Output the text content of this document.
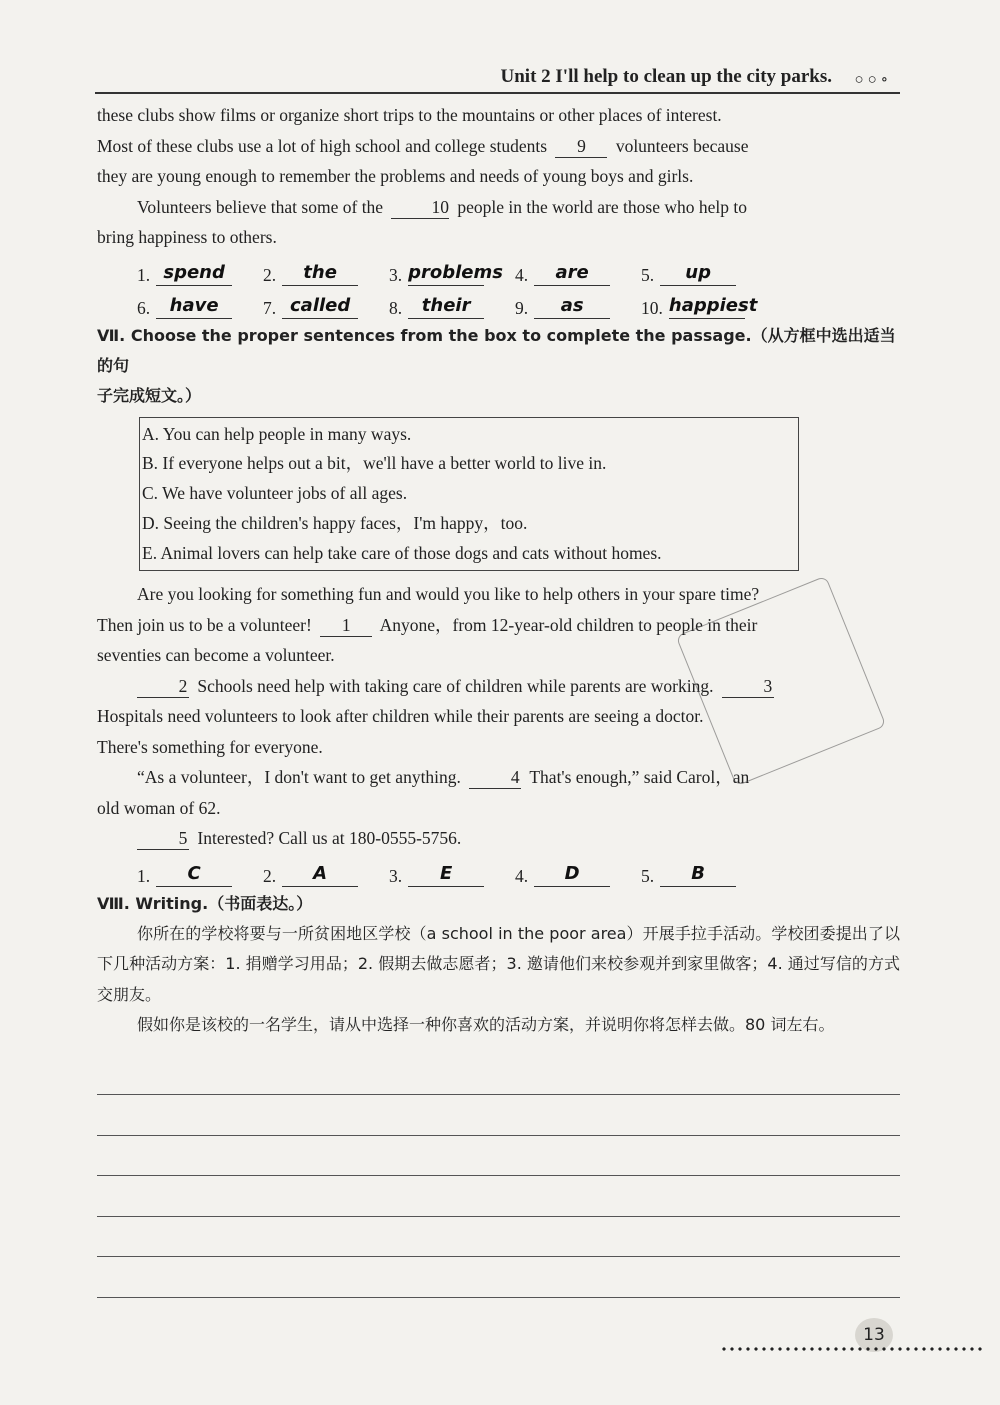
Unit 2 I'll help to clean up the city parks. ○○∘

these clubs show films or organize short trips to the mountains or other places of interest.

Most of these clubs use a lot of high school and college students 9 volunteers because

they are young enough to remember the problems and needs of young boys and girls.

Volunteers believe that some of the	10 people in the world are those who help to

bring happiness to others.

1. spend	2.	the	3. problems 4.	are	5.	up
6.	have	7. called	8.	their	9.	as	10. happiest

Ⅶ. Choose the proper sentences from the box to complete the passage.（从方框中选出适当的句

子完成短文。）

A. You can help people in many ways.
B. If everyone helps out a bit，we'll have a better world to live in.
C. We have volunteer jobs of all ages.
D. Seeing the children's happy faces，I'm happy，too.
E. Animal lovers can help take care of those dogs and cats without homes.

Are you looking for something fun and would you like to help others in your spare time?

Then join us to be a volunteer! 1 Anyone，from 12-year-old children to people in their

seventies can become a volunteer.

2 Schools need help with taking care of children while parents are working.	3

Hospitals need volunteers to look after children while their parents are seeing a doctor.

There's something for everyone.

“As a volunteer，I don't want to get anything.	4 That's enough,” said Carol，an

old woman of 62.

5 Interested? Call us at 180-0555-5756.

1.	C	2.	A	3.	E	4.	D	5.	B

Ⅷ. Writing.（书面表达。）

你所在的学校将要与一所贫困地区学校（a school in the poor area）开展手拉手活动。学校团委提出了以下几种活动方案：1. 捐赠学习用品；2. 假期去做志愿者；3. 邀请他们来校参观并到家里做客；4. 通过写信的方式交朋友。

假如你是该校的一名学生，请从中选择一种你喜欢的活动方案，并说明你将怎样去做。80 词左右。

13
